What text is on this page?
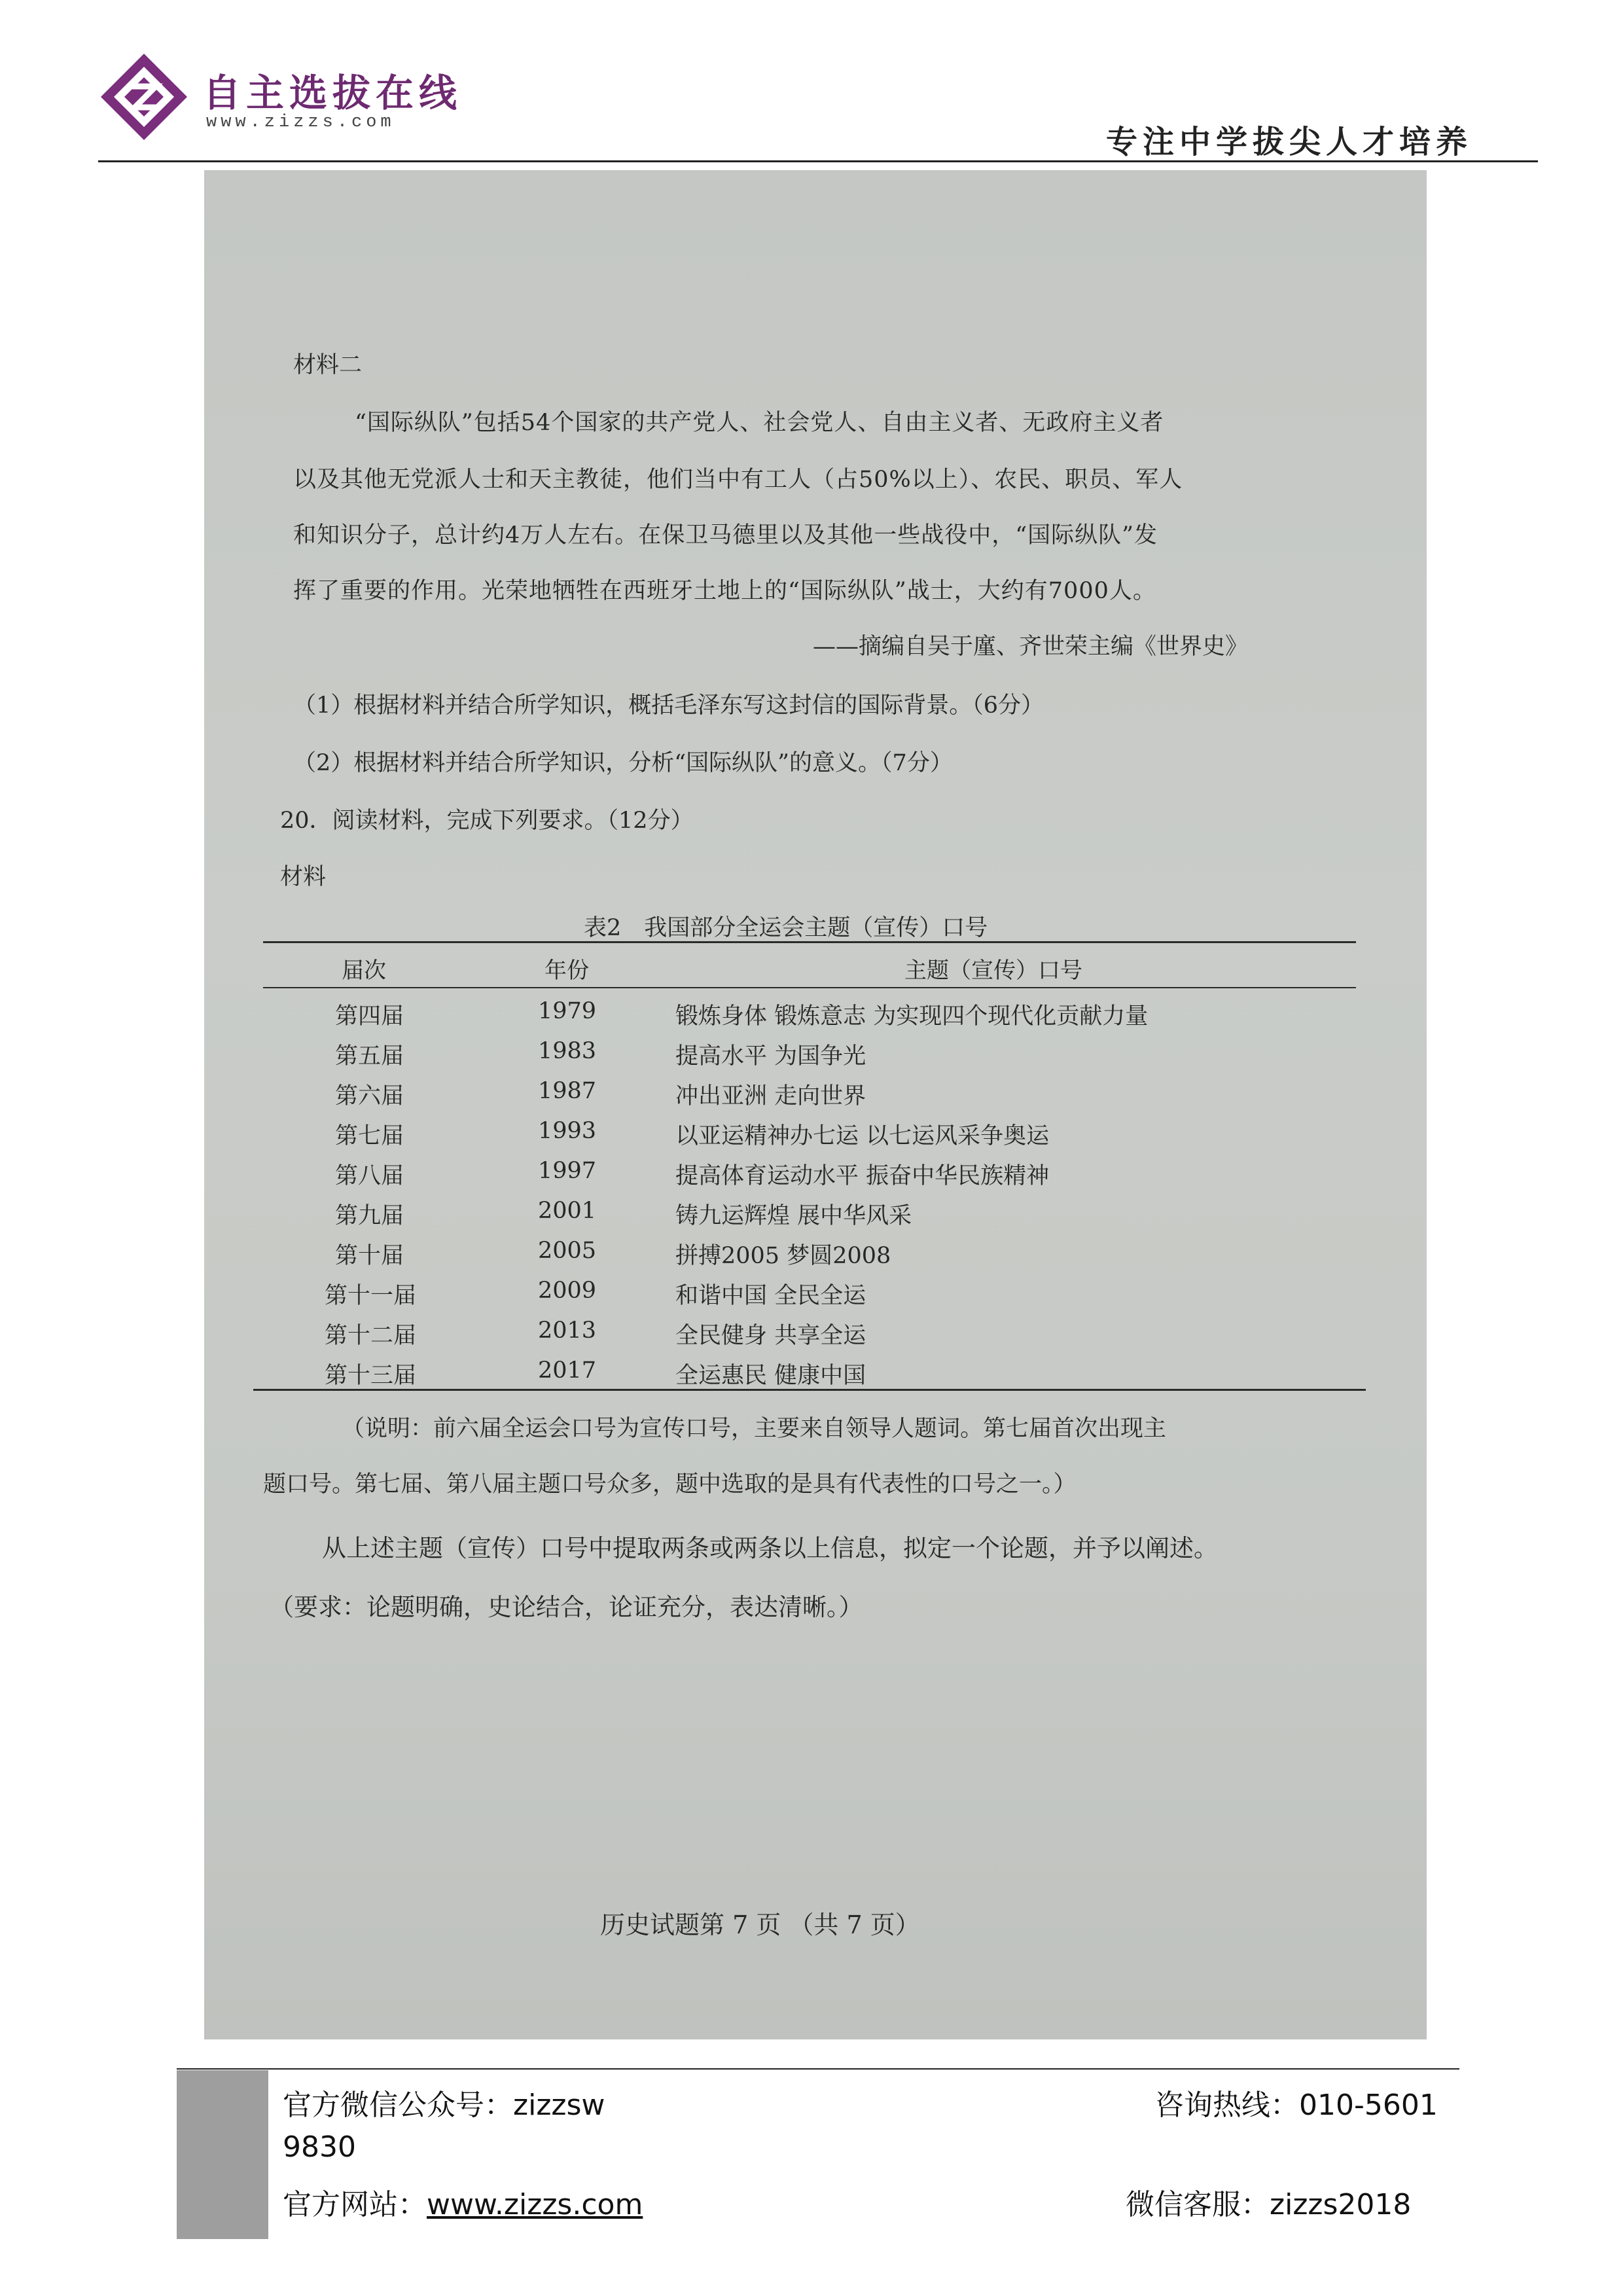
自主选拔在线
www.zizzs.com
专注中学拔尖人才培养
材料二
“国际纵队”包括54个国家的共产党人、社会党人、自由主义者、无政府主义者
以及其他无党派人士和天主教徒，他们当中有工人（占50%以上）、农民、职员、军人
和知识分子，总计约4万人左右。在保卫马德里以及其他一些战役中，“国际纵队”发
挥了重要的作用。光荣地牺牲在西班牙土地上的“国际纵队”战士，大约有7000人。
——摘编自吴于廑、齐世荣主编《世界史》
（1）根据材料并结合所学知识，概括毛泽东写这封信的国际背景。（6分）
（2）根据材料并结合所学知识，分析“国际纵队”的意义。（7分）
20．阅读材料，完成下列要求。（12分）
材料
表2　我国部分全运会主题（宣传）口号
届次	年份	主题（宣传）口号
第四届	1979	锻炼身体 锻炼意志 为实现四个现代化贡献力量
第五届	1983	提高水平 为国争光
第六届	1987	冲出亚洲 走向世界
第七届	1993	以亚运精神办七运 以七运风采争奥运
第八届	1997	提高体育运动水平 振奋中华民族精神
第九届	2001	铸九运辉煌 展中华风采
第十届	2005	拼搏2005 梦圆2008
第十一届	2009	和谐中国 全民全运
第十二届	2013	全民健身 共享全运
第十三届	2017	全运惠民 健康中国
（说明：前六届全运会口号为宣传口号，主要来自领导人题词。第七届首次出现主
题口号。第七届、第八届主题口号众多，题中选取的是具有代表性的口号之一。）
从上述主题（宣传）口号中提取两条或两条以上信息，拟定一个论题，并予以阐述。
（要求：论题明确，史论结合，论证充分，表达清晰。）
历史试题第 7 页 （共 7 页）
官方微信公众号：zizzsw	咨询热线：010-5601
9830
官方网站：www.zizzs.com	微信客服：zizzs2018
